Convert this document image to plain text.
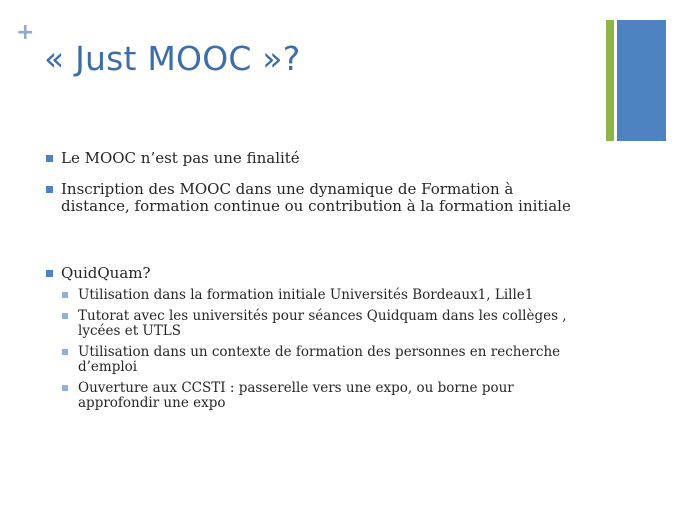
+
« Just MOOC »?
Le MOOC n’est pas une finalité
Inscription des MOOC dans une dynamique de Formation à distance, formation continue ou contribution à la formation initiale
QuidQuam?
Utilisation dans la formation initiale Universités Bordeaux1, Lille1
Tutorat avec les universités pour séances Quidquam dans les collèges , lycées et UTLS
Utilisation dans un contexte de formation des personnes en recherche d’emploi
Ouverture aux CCSTI : passerelle vers une expo, ou borne pour approfondir une expo
